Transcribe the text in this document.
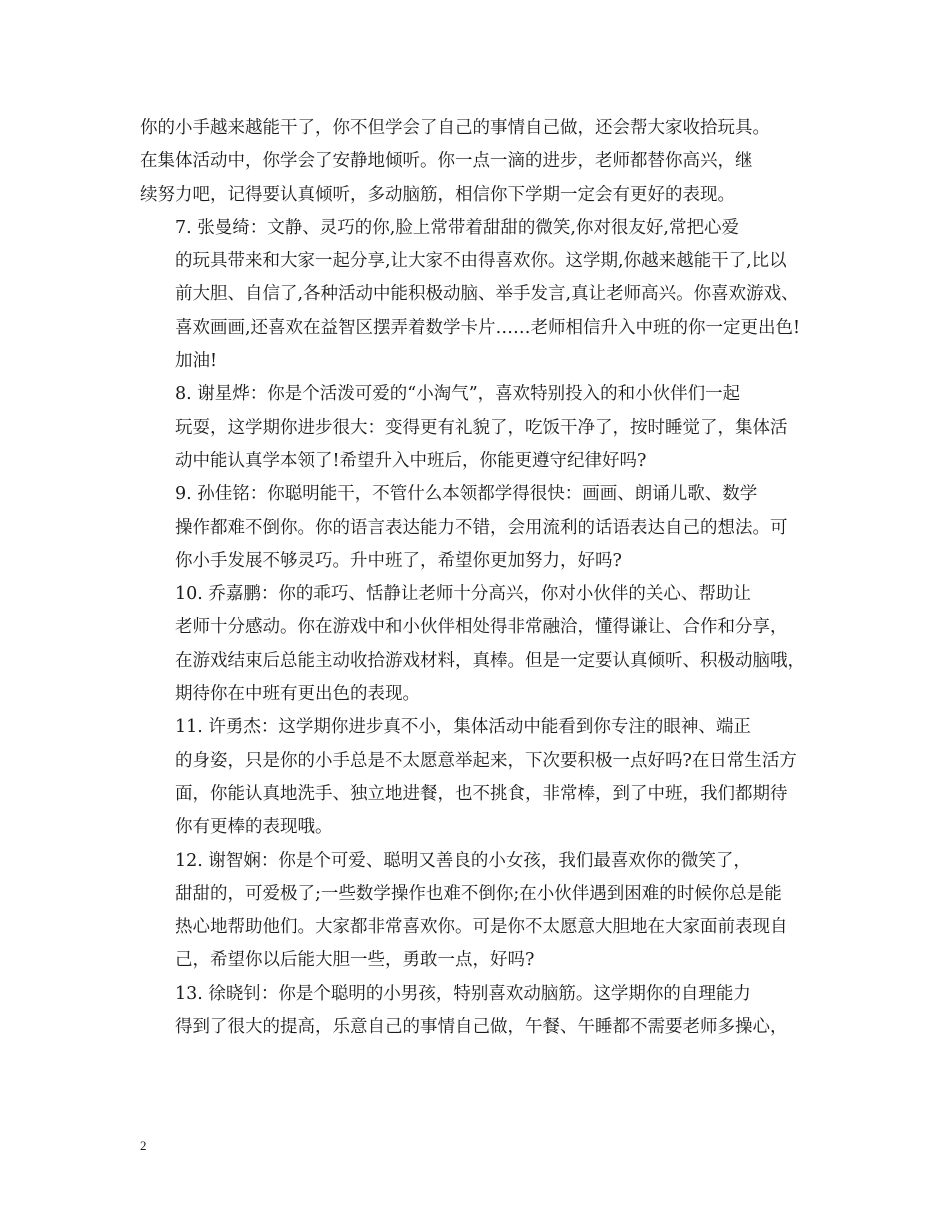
你的小手越来越能干了，你不但学会了自己的事情自己做，还会帮大家收拾玩具。
在集体活动中，你学会了安静地倾听。你一点一滴的进步，老师都替你高兴，继
续努力吧，记得要认真倾听，多动脑筋，相信你下学期一定会有更好的表现。

7. 张曼绮：文静、灵巧的你,脸上常带着甜甜的微笑,你对很友好,常把心爱
的玩具带来和大家一起分享,让大家不由得喜欢你。这学期,你越来越能干了,比以
前大胆、自信了,各种活动中能积极动脑、举手发言,真让老师高兴。你喜欢游戏、
喜欢画画,还喜欢在益智区摆弄着数学卡片……老师相信升入中班的你一定更出色!
加油!

8. 谢星烨：你是个活泼可爱的“小淘气”，喜欢特别投入的和小伙伴们一起
玩耍，这学期你进步很大：变得更有礼貌了，吃饭干净了，按时睡觉了，集体活
动中能认真学本领了!希望升入中班后，你能更遵守纪律好吗?

9. 孙佳铭：你聪明能干，不管什么本领都学得很快：画画、朗诵儿歌、数学
操作都难不倒你。你的语言表达能力不错，会用流利的话语表达自己的想法。可
你小手发展不够灵巧。升中班了，希望你更加努力，好吗?

10. 乔嘉鹏：你的乖巧、恬静让老师十分高兴，你对小伙伴的关心、帮助让
老师十分感动。你在游戏中和小伙伴相处得非常融洽，懂得谦让、合作和分享，
在游戏结束后总能主动收拾游戏材料，真棒。但是一定要认真倾听、积极动脑哦，
期待你在中班有更出色的表现。

11. 许勇杰：这学期你进步真不小，集体活动中能看到你专注的眼神、端正
的身姿，只是你的小手总是不太愿意举起来，下次要积极一点好吗?在日常生活方
面，你能认真地洗手、独立地进餐，也不挑食，非常棒，到了中班，我们都期待
你有更棒的表现哦。

12. 谢智娴：你是个可爱、聪明又善良的小女孩，我们最喜欢你的微笑了，
甜甜的，可爱极了;一些数学操作也难不倒你;在小伙伴遇到困难的时候你总是能
热心地帮助他们。大家都非常喜欢你。可是你不太愿意大胆地在大家面前表现自
己，希望你以后能大胆一些，勇敢一点，好吗?

13. 徐晓钊：你是个聪明的小男孩，特别喜欢动脑筋。这学期你的自理能力
得到了很大的提高，乐意自己的事情自己做，午餐、午睡都不需要老师多操心，

2
